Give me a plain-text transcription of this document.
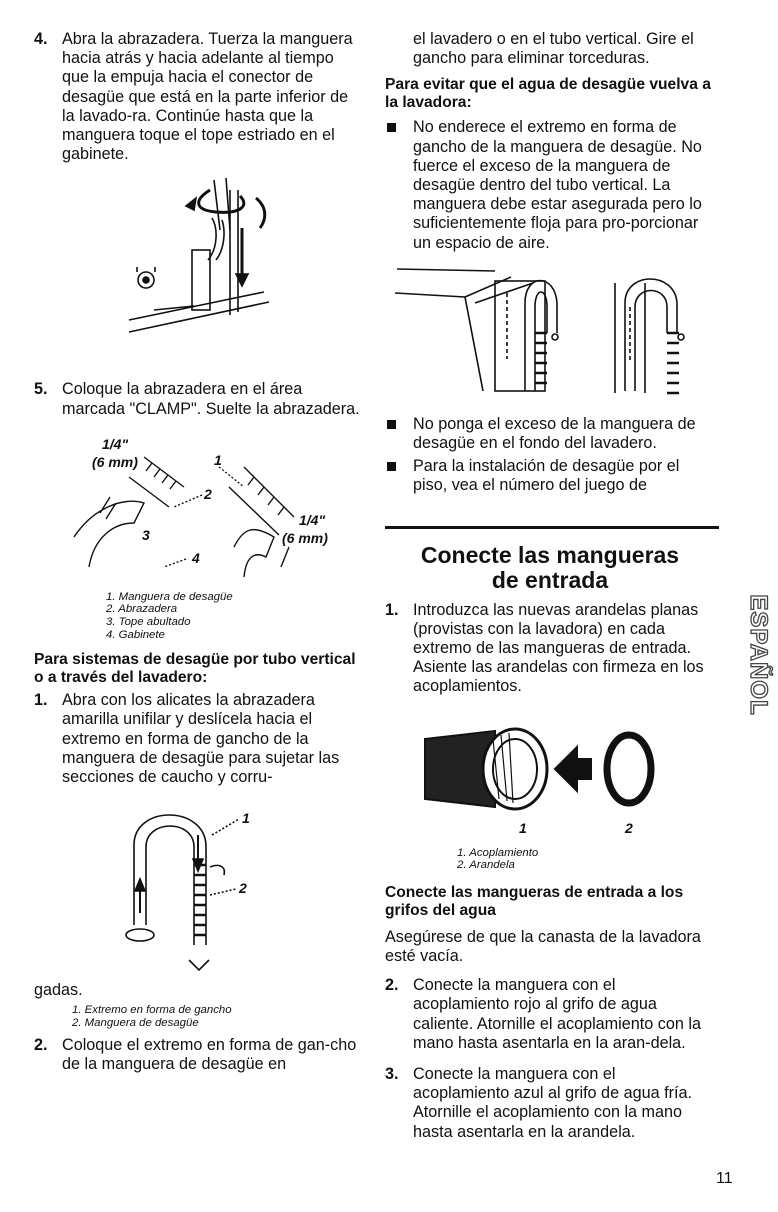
4. Abra la abrazadera. Tuerza la manguera hacia atrás y hacia adelante al tiempo que la empuja hacia el conector de desagüe que está en la parte inferior de la lavado-ra. Continúe hasta que la manguera toque el tope estriado en el gabinete.
5. Coloque la abrazadera en el área marcada "CLAMP". Suelte la abrazadera.
1/4"
(6 mm)	1
2
3
4
1/4"
(6 mm)

1. Manguera de desagüe

2. Abrazadera

3. Tope abultado

4. Gabinete

Para sistemas de desagüe por tubo vertical o a través del lavadero:
1. Abra con los alicates la abrazadera amarilla unifilar y deslícela hacia el extremo en forma de gancho de la manguera de desagüe para sujetar las secciones de caucho y corru-
1
2

gadas.

1. Extremo en forma de gancho

2. Manguera de desagüe

2. Coloque el extremo en forma de gan-cho de la manguera de desagüe en

el lavadero o en el tubo vertical. Gire el gancho para eliminar torceduras.

Para evitar que el agua de desagüe vuelva a la lavadora:
No enderece el extremo en forma de gancho de la manguera de desagüe. No fuerce el exceso de la manguera de desagüe dentro del tubo vertical. La manguera debe estar asegurada pero lo suficientemente floja para pro-porcionar un espacio de aire.
No ponga el exceso de la manguera de desagüe en el fondo del lavadero.
Para la instalación de desagüe por el piso, vea el número del juego de

Conecte las mangueras

de entrada

1. Introduzca las nuevas arandelas planas (provistas con la lavadora) en cada extremo de las mangueras de entrada. Asiente las arandelas con firmeza en los acoplamientos.
1	2

1. Acoplamiento

2. Arandela

Conecte las mangueras de entrada a los grifos del agua

Asegúrese de que la canasta de la lavadora esté vacía.

2. Conecte la manguera con el acoplamiento rojo al grifo de agua caliente. Atornille el acoplamiento con la mano hasta asentarla en la aran-dela.
3. Conecte la manguera con el acoplamiento azul al grifo de agua fría. Atornille el acoplamiento con la mano hasta asentarla en la arandela.
ESPAÑOL
11
